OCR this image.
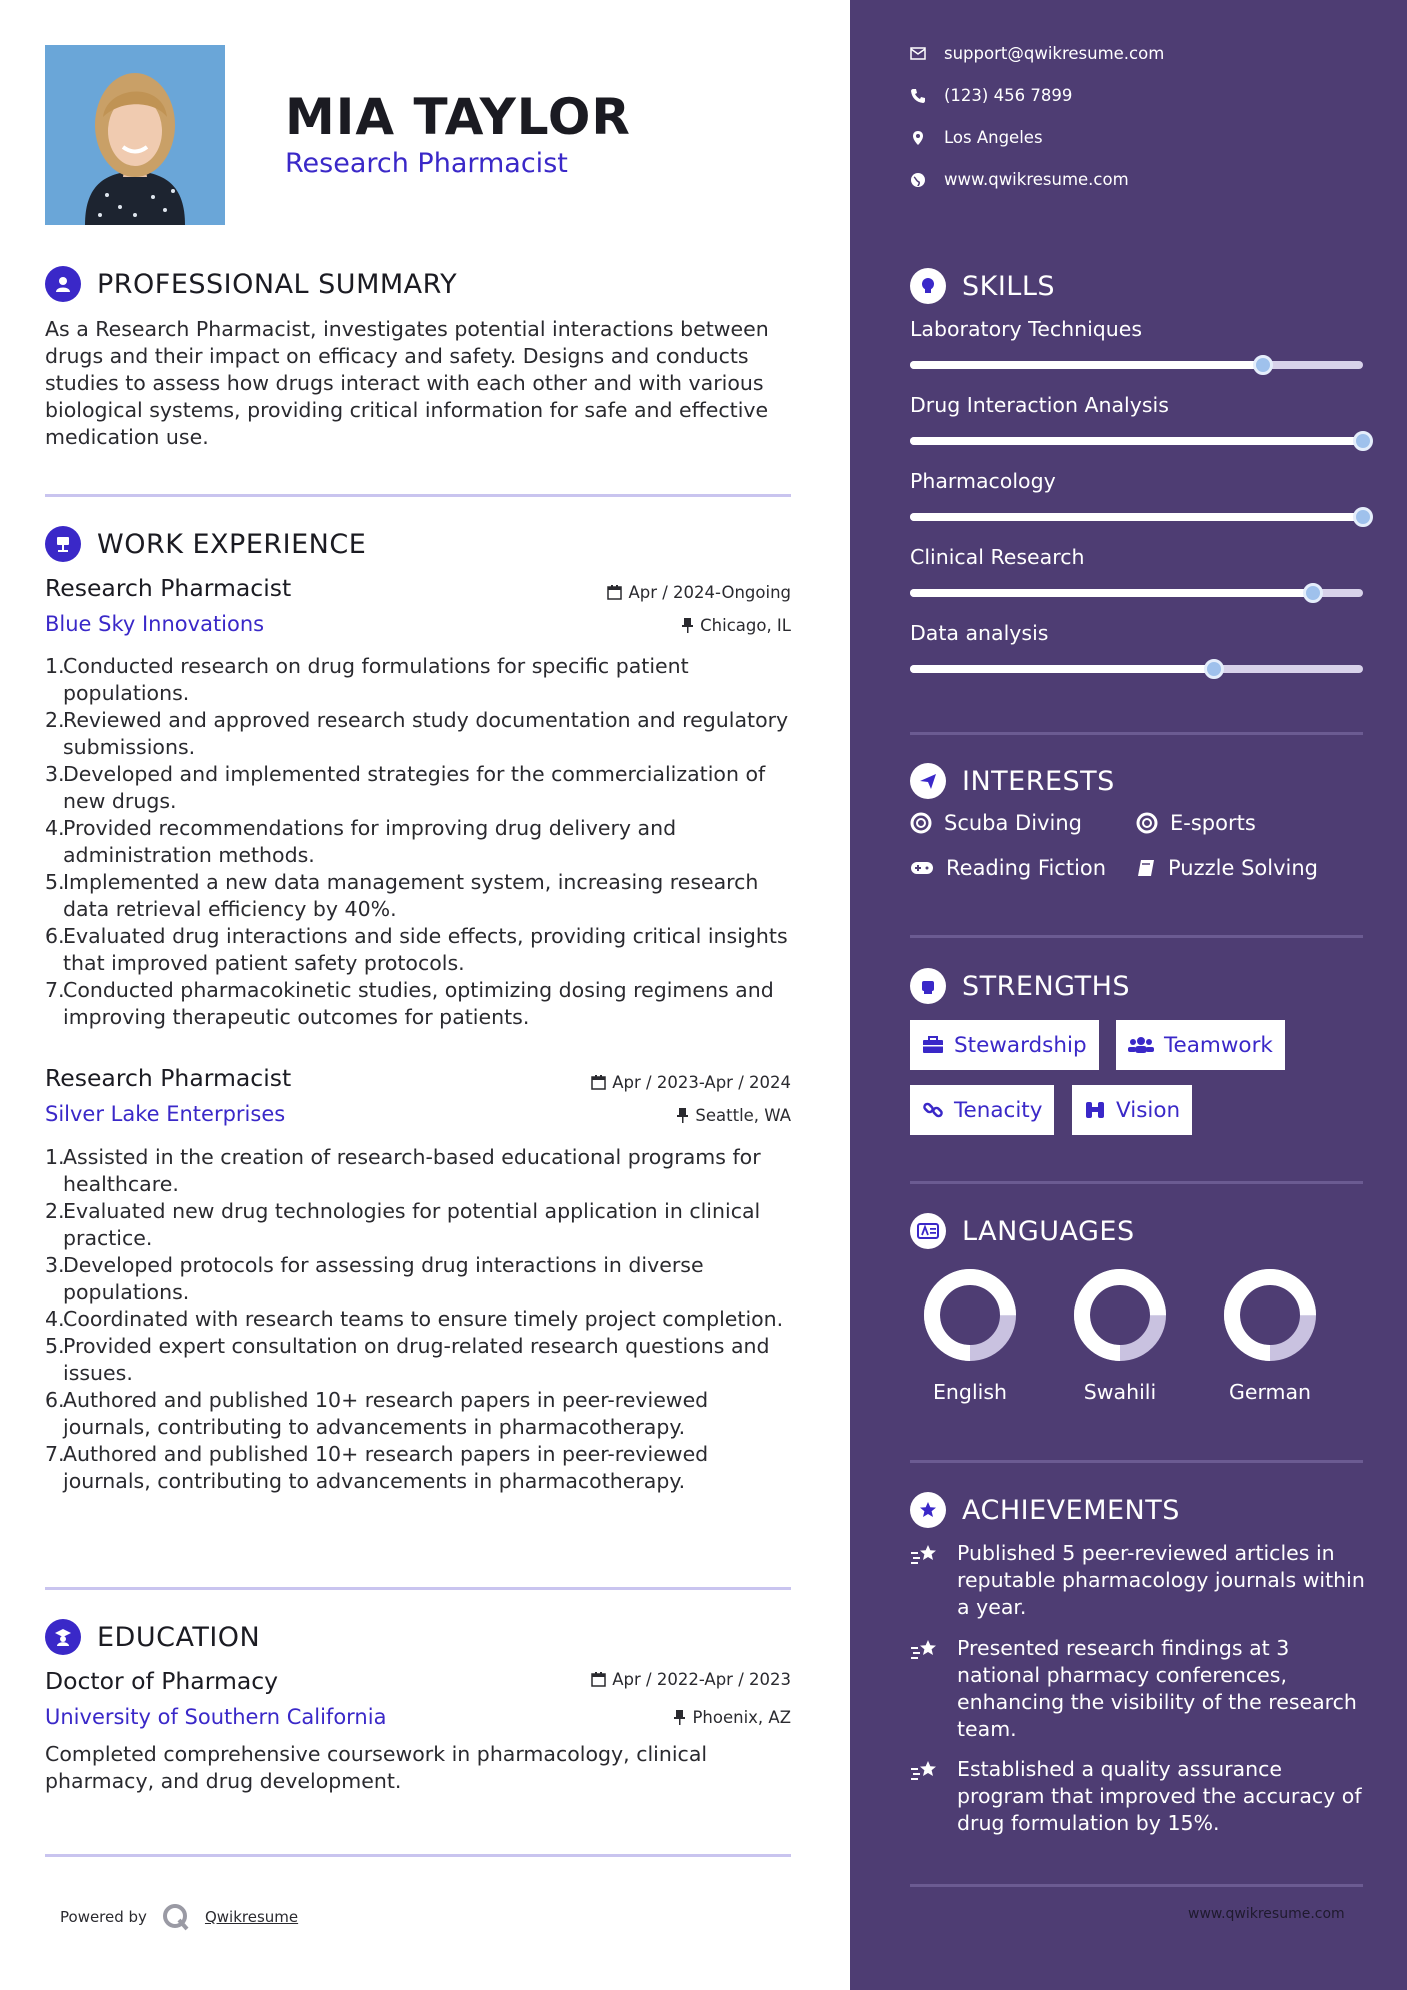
MIA TAYLOR
Research Pharmacist
PROFESSIONAL SUMMARY
As a Research Pharmacist, investigates potential interactions between drugs and their impact on efficacy and safety. Designs and conducts studies to assess how drugs interact with each other and with various biological systems, providing critical information for safe and effective medication use.
WORK EXPERIENCE
Research Pharmacist	Apr / 2024-Ongoing
Blue Sky Innovations	Chicago, IL
1.
Conducted research on drug formulations for specific patient populations.
2.
Reviewed and approved research study documentation and regulatory submissions.
3.
Developed and implemented strategies for the commercialization of new drugs.
4.
Provided recommendations for improving drug delivery and administration methods.
5.
Implemented a new data management system, increasing research data retrieval efficiency by 40%.
6.
Evaluated drug interactions and side effects, providing critical insights that improved patient safety protocols.
7.
Conducted pharmacokinetic studies, optimizing dosing regimens and improving therapeutic outcomes for patients.
Research Pharmacist	Apr / 2023-Apr / 2024
Silver Lake Enterprises	Seattle, WA
1.
Assisted in the creation of research-based educational programs for healthcare.
2.
Evaluated new drug technologies for potential application in clinical practice.
3.
Developed protocols for assessing drug interactions in diverse populations.
4.
Coordinated with research teams to ensure timely project completion.
5.
Provided expert consultation on drug-related research questions and issues.
6.
Authored and published 10+ research papers in peer-reviewed journals, contributing to advancements in pharmacotherapy.
7.
Authored and published 10+ research papers in peer-reviewed journals, contributing to advancements in pharmacotherapy.
EDUCATION
Doctor of Pharmacy	Apr / 2022-Apr / 2023
University of Southern California	Phoenix, AZ
Completed comprehensive coursework in pharmacology, clinical pharmacy, and drug development.
Powered by	Qwikresume
support@qwikresume.com
(123) 456 7899
Los Angeles
www.qwikresume.com
SKILLS
Laboratory Techniques
Drug Interaction Analysis
Pharmacology
Clinical Research
Data analysis
INTERESTS
Scuba Diving	E-sports
Reading Fiction	Puzzle Solving
STRENGTHS
Stewardship	Teamwork
Tenacity	Vision
LANGUAGES
English	Swahili	German
ACHIEVEMENTS
Published 5 peer-reviewed articles in reputable pharmacology journals within a year.
Presented research findings at 3 national pharmacy conferences, enhancing the visibility of the research team.
Established a quality assurance program that improved the accuracy of drug formulation by 15%.
www.qwikresume.com
